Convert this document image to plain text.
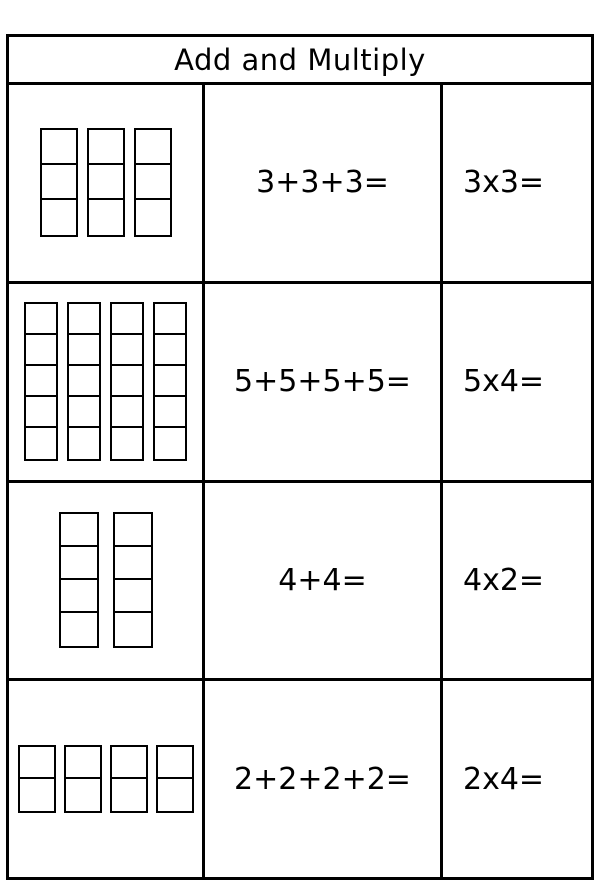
Add and Multiply
3+3+3= 3x3=
5+5+5+5= 5x4=
4+4=	4x2=
2+2+2+2= 2x4=
